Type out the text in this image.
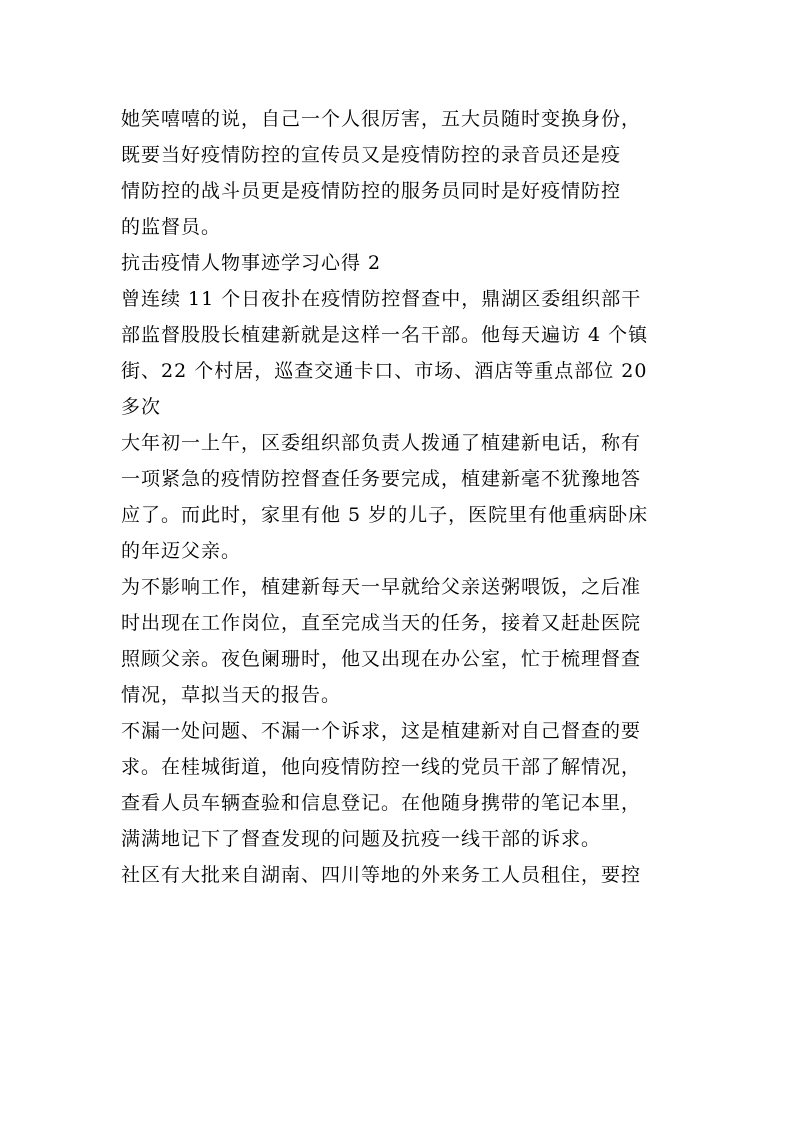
她笑嘻嘻的说，自己一个人很厉害，五大员随时变换身份，
既要当好疫情防控的宣传员又是疫情防控的录音员还是疫
情防控的战斗员更是疫情防控的服务员同时是好疫情防控
的监督员。
抗击疫情人物事迹学习心得 2
曾连续 11 个日夜扑在疫情防控督查中，鼎湖区委组织部干
部监督股股长植建新就是这样一名干部。他每天遍访 4 个镇
街、22 个村居，巡查交通卡口、市场、酒店等重点部位 20
多次
大年初一上午，区委组织部负责人拨通了植建新电话，称有
一项紧急的疫情防控督查任务要完成，植建新毫不犹豫地答
应了。而此时，家里有他 5 岁的儿子，医院里有他重病卧床
的年迈父亲。
为不影响工作，植建新每天一早就给父亲送粥喂饭，之后准
时出现在工作岗位，直至完成当天的任务，接着又赶赴医院
照顾父亲。夜色阑珊时，他又出现在办公室，忙于梳理督查
情况，草拟当天的报告。
不漏一处问题、不漏一个诉求，这是植建新对自己督查的要
求。在桂城街道，他向疫情防控一线的党员干部了解情况，
查看人员车辆查验和信息登记。在他随身携带的笔记本里，
满满地记下了督查发现的问题及抗疫一线干部的诉求。
社区有大批来自湖南、四川等地的外来务工人员租住，要控
